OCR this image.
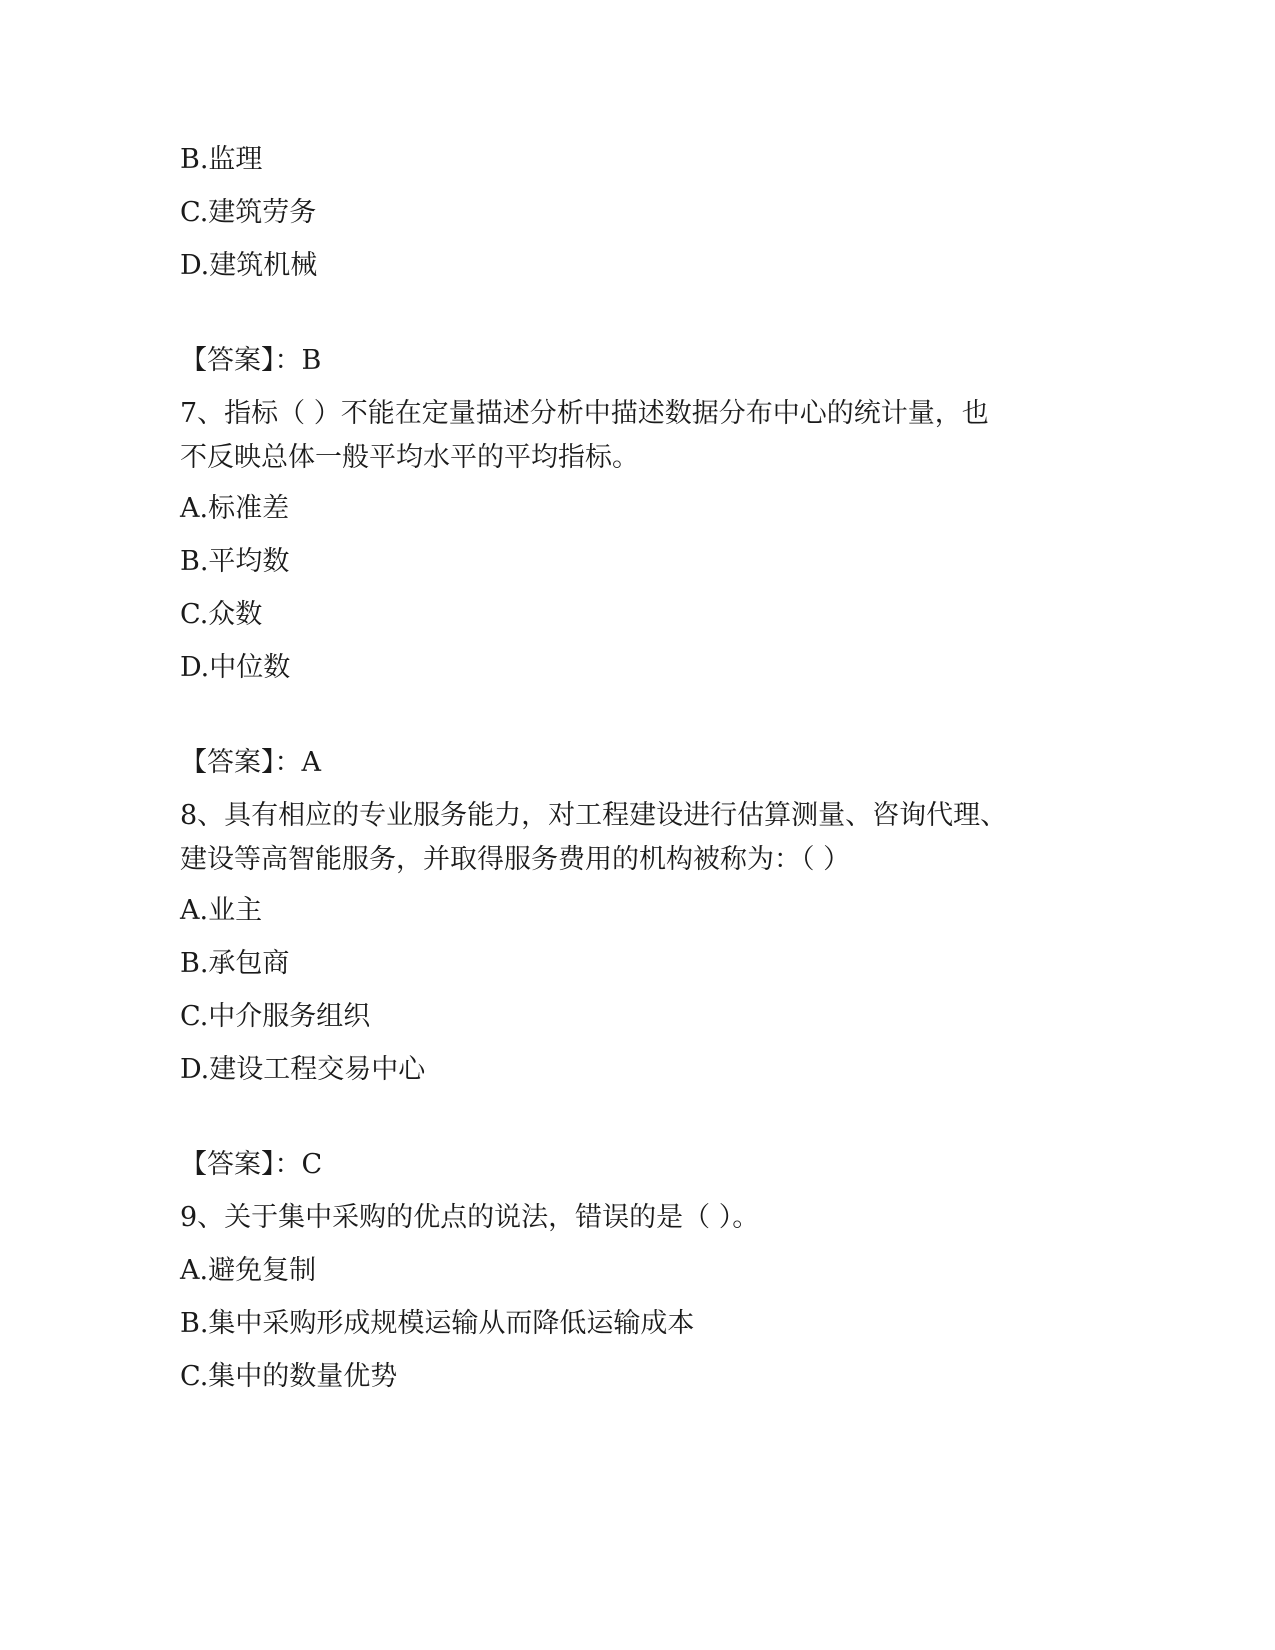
B.监理
C.建筑劳务
D.建筑机械
【答案】：B
7、指标（ ）不能在定量描述分析中描述数据分布中心的统计量，也
不反映总体一般平均水平的平均指标。
A.标准差
B.平均数
C.众数
D.中位数
【答案】：A
8、具有相应的专业服务能力，对工程建设进行估算测量、咨询代理、
建设等高智能服务，并取得服务费用的机构被称为：（ ）
A.业主
B.承包商
C.中介服务组织
D.建设工程交易中心
【答案】：C
9、关于集中采购的优点的说法，错误的是（ ）。
A.避免复制
B.集中采购形成规模运输从而降低运输成本
C.集中的数量优势
